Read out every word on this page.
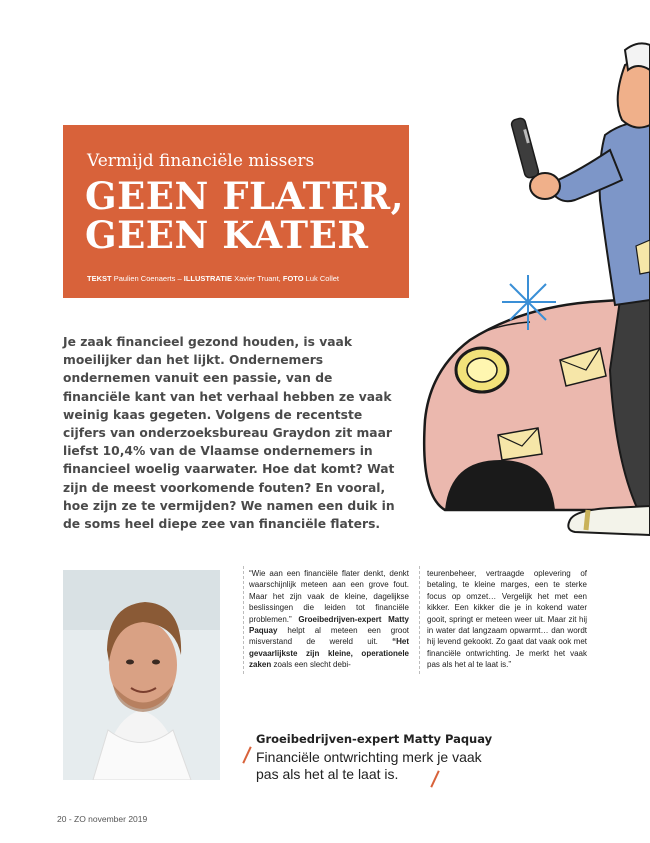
Vermijd financiële missers
GEEN FLATER,
GEEN KATER
TEKST Paulien Coenaerts – ILLUSTRATIE Xavier Truant, FOTO Luk Collet

Je zaak financieel gezond houden, is vaak moeilijker dan het lijkt. Ondernemers ondernemen vanuit een passie, van de financiële kant van het verhaal hebben ze vaak weinig kaas gegeten. Volgens de recentste cijfers van onderzoeksbureau Graydon zit maar liefst 10,4% van de Vlaamse ondernemers in financieel woelig vaarwater. Hoe dat komt? Wat zijn de meest voorkomende fouten? En vooral, hoe zijn ze te vermijden? We namen een duik in de soms heel diepe zee van financiële flaters.

“Wie aan een financiële flater denkt, denkt waarschijnlijk meteen aan een grove fout. Maar het zijn vaak de kleine, dagelijkse beslissingen die leiden tot financiële problemen.” Groeibedrijven-expert Matty Paquay helpt al meteen een groot misverstand de wereld uit. “Het gevaarlijkste zijn kleine, operationele zaken zoals een slecht debi-

teurenbeheer, vertraagde oplevering of betaling, te kleine marges, een te sterke focus op omzet… Vergelijk het met een kikker. Een kikker die je in kokend water gooit, springt er meteen weer uit. Maar zit hij in water dat langzaam opwarmt… dan wordt hij levend gekookt. Zo gaat dat vaak ook met financiële ontwrichting. Je merkt het vaak pas als het al te laat is.”

Groeibedrijven-expert Matty Paquay

Financiële ontwrichting merk je vaak pas als het al te laat is.

20 - ZO november 2019
